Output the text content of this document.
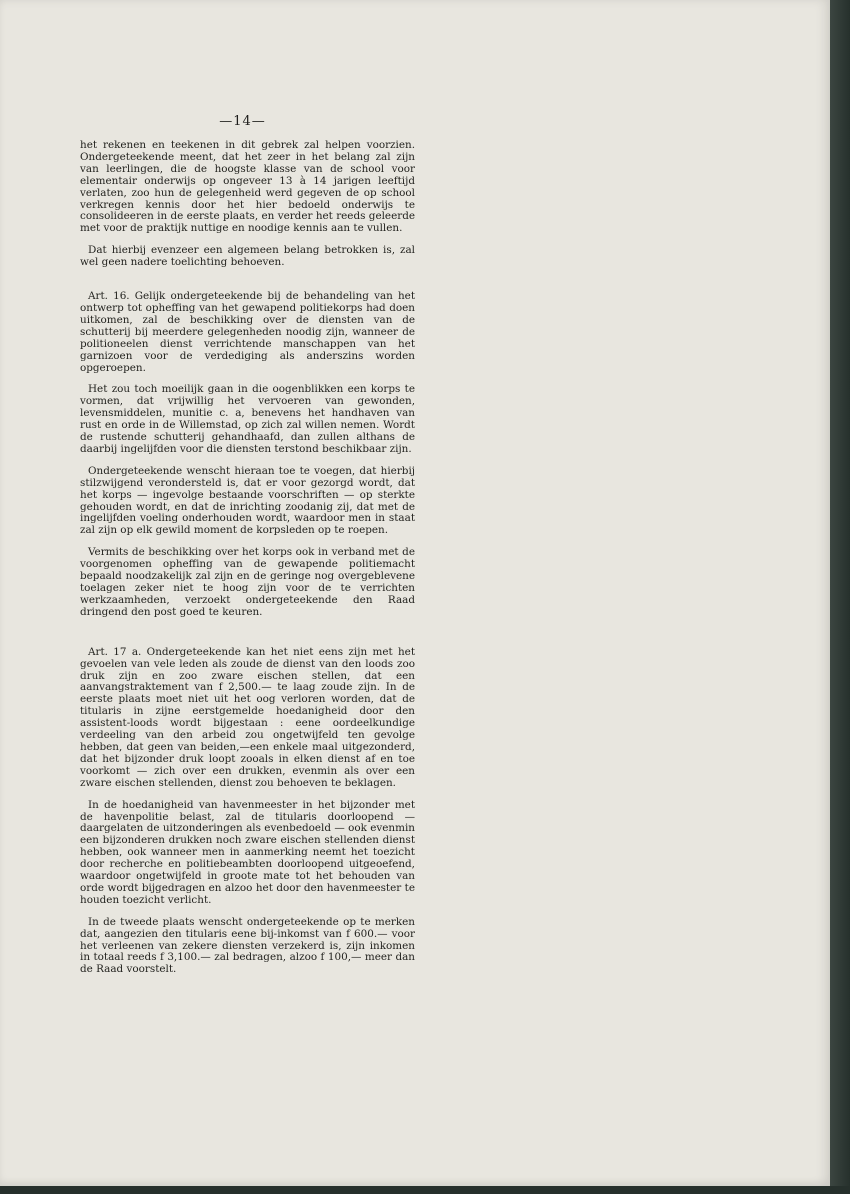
—14—

het rekenen en teekenen in dit gebrek zal helpen voorzien. Ondergeteekende meent, dat het zeer in het belang zal zijn van leerlingen, die de hoogste klasse van de school voor elementair onderwijs op ongeveer 13 à 14 jarigen leeftijd verlaten, zoo hun de gelegenheid werd gegeven de op school verkregen kennis door het hier bedoeld onderwijs te consolideeren in de eerste plaats, en verder het reeds geleerde met voor de praktijk nuttige en noodige kennis aan te vullen.

Dat hierbij evenzeer een algemeen belang betrokken is, zal wel geen nadere toelichting behoeven.

Art. 16. Gelijk ondergeteekende bij de behandeling van het ontwerp tot opheffing van het gewapend politiekorps had doen uitkomen, zal de beschikking over de diensten van de schutterij bij meerdere gelegenheden noodig zijn, wanneer de politioneelen dienst verrichtende manschappen van het garnizoen voor de verdediging als anderszins worden opgeroepen.

Het zou toch moeilijk gaan in die oogenblikken een korps te vormen, dat vrijwillig het vervoeren van gewonden, levensmiddelen, munitie c. a, benevens het handhaven van rust en orde in de Willemstad, op zich zal willen nemen. Wordt de rustende schutterij gehandhaafd, dan zullen althans de daarbij ingelijfden voor die diensten terstond beschikbaar zijn.

Ondergeteekende wenscht hieraan toe te voegen, dat hierbij stilzwijgend verondersteld is, dat er voor gezorgd wordt, dat het korps — ingevolge bestaande voorschriften — op sterkte gehouden wordt, en dat de inrichting zoodanig zij, dat met de ingelijfden voeling onderhouden wordt, waardoor men in staat zal zijn op elk gewild moment de korpsleden op te roepen.

Vermits de beschikking over het korps ook in verband met de voorgenomen opheffing van de gewapende politiemacht bepaald noodzakelijk zal zijn en de geringe nog overgeblevene toelagen zeker niet te hoog zijn voor de te verrichten werkzaamheden, verzoekt ondergeteekende den Raad dringend den post goed te keuren.

Art. 17 a. Ondergeteekende kan het niet eens zijn met het gevoelen van vele leden als zoude de dienst van den loods zoo druk zijn en zoo zware eischen stellen, dat een aanvangstraktement van f 2,500.— te laag zoude zijn. In de eerste plaats moet niet uit het oog verloren worden, dat de titularis in zijne eerstgemelde hoedanigheid door den assistent-loods wordt bijgestaan : eene oordeelkundige verdeeling van den arbeid zou ongetwijfeld ten gevolge hebben, dat geen van beiden,—een enkele maal uitgezonderd, dat het bijzonder druk loopt zooals in elken dienst af en toe voorkomt — zich over een drukken, evenmin als over een zware eischen stellenden, dienst zou behoeven te beklagen.

In de hoedanigheid van havenmeester in het bijzonder met de havenpolitie belast, zal de titularis doorloopend — daargelaten de uitzonderingen als evenbedoeld — ook evenmin een bijzonderen drukken noch zware eischen stellenden dienst hebben, ook wanneer men in aanmerking neemt het toezicht door recherche en politiebeambten doorloopend uitgeoefend, waardoor ongetwijfeld in groote mate tot het behouden van orde wordt bijgedragen en alzoo het door den havenmeester te houden toezicht verlicht.

In de tweede plaats wenscht ondergeteekende op te merken dat, aangezien den titularis eene bij-inkomst van f 600.— voor het verleenen van zekere diensten verzekerd is, zijn inkomen in totaal reeds f 3,100.— zal bedragen, alzoo f 100,— meer dan de Raad voorstelt.
